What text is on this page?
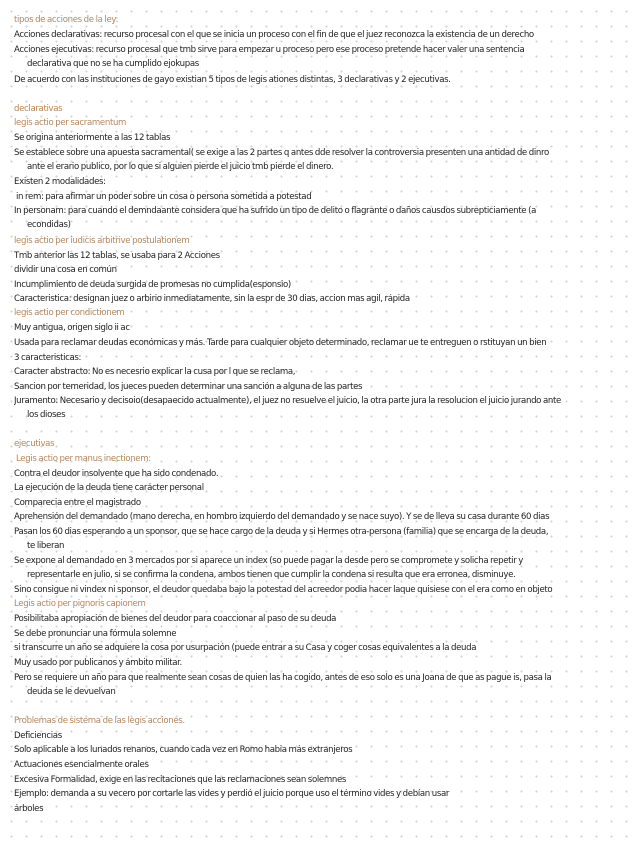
tipos de acciones de la ley:
Acciones declarativas: recurso procesal con el que se inicia un proceso con el fin de que el juez reconozca la existencia de un derecho
Acciones ejecutivas: recurso procesal que tmb sirve para empezar u proceso pero ese proceso pretende hacer valer una sentencia
declarativa que no se ha cumplido ejokupas
De acuerdo con las instituciones de gayo existian 5 tipos de legis ationes distintas, 3 declarativas y 2 ejecutivas.
declarativas
legis actio per sacramentum
Se origina anteriormente a las 12 tablas
Se establece sobre una apuesta sacramental( se exige a las 2 partes q antes dde resolver la controversia presenten una antidad de dinro
ante el erario publico, por lo que si alguien pierde el juicio tmb pierde el dinero.
Existen 2 modalidades:
in rem: para afirmar un poder sobre un cosa o persona sometida a potestad
In personam: para cuando el demndaante considera que ha sufrido un tipo de delito o flagrante o daños causdos subrepticiamente (a
econdidas)
legis actio per iudicis arbitrive postulationem
Tmb anterior las 12 tablas, se usaba para 2 Acciones
dividir una cosa en común
Incumplimiento de deuda surgida de promesas no cumplida(esponsio)
Caracteristica: designan juez o arbirio inmediatamente, sin la espr de 30 dias, accion mas agil, rápida
legis actio per condictionem
Muy antigua, origen siglo ii ac
Usada para reclamar deudas económicas y más. Tarde para cualquier objeto determinado, reclamar ue te entreguen o rstituyan un bien
3 caracteristicas:
Caracter abstracto: No es necesrio explicar la cusa por l que se reclama,
Sancion por temeridad, los jueces pueden determinar una sanción a alguna de las partes
Juramento: Necesario y decisoio(desapaecido actualmente), el juez no resuelve el juicio, la otra parte jura la resolucion el juicio jurando ante
los dioses
ejecutivas
Legis actio per manus inectionem:
Contra el deudor insolvente que ha sido condenado.
La ejecución de la deuda tiene carácter personal
Comparecia entre el magistrado
Aprehensión del demandado (mano derecha, en hombro izquierdo del demandado y se nace suyo). Y se de lleva su casa durante 60 dias
Pasan los 60 dias esperando a un sponsor, que se hace cargo de la deuda y si Hermes otra-persona (familia) que se encarga de la deuda,
te liberan
Se expone al demandado en 3 mercados por si aparece un index (so puede pagar la desde pero se compromete y solicha repetir y
representarle en julio, si se confirma la condena, ambos tienen que cumplir la condena si resulta que era erronea, disminuye.
Sino consigue ni vindex ni sponsor, el deudor quedaba bajo la potestad del acreedor podia hacer laque quisiese con el era como en objeto
Legis actio per pignoris capionem
Posibilitaba apropiación de bienes del deudor para coaccionar al paso de su deuda
Se debe pronunciar una fórmula solemne
si transcurre un año se adquiere la cosa por usurpación (puede entrar a su Casa y coger cosas equivalentes a la deuda
Muy usado por publicanos y ámbito militar.
Pero se requiere un año para que realmente sean cosas de quien las ha cogido, antes de eso solo es una Joana de que as pague is, pasa la
deuda se le devuelvan
Problemas de sistema de las legis acciones.
Deficiencias
Solo aplicable a los lunados renanos, cuando cada vez en Romo habia más extranjeros
Actuaciones esencialmente orales
Excesiva Formalidad, exige en las recitaciones que las reclamaciones sean solemnes
Ejemplo: demanda a su vecero por cortarle las vides y perdió el juicio porque uso el término vides y debían usar
árboles
